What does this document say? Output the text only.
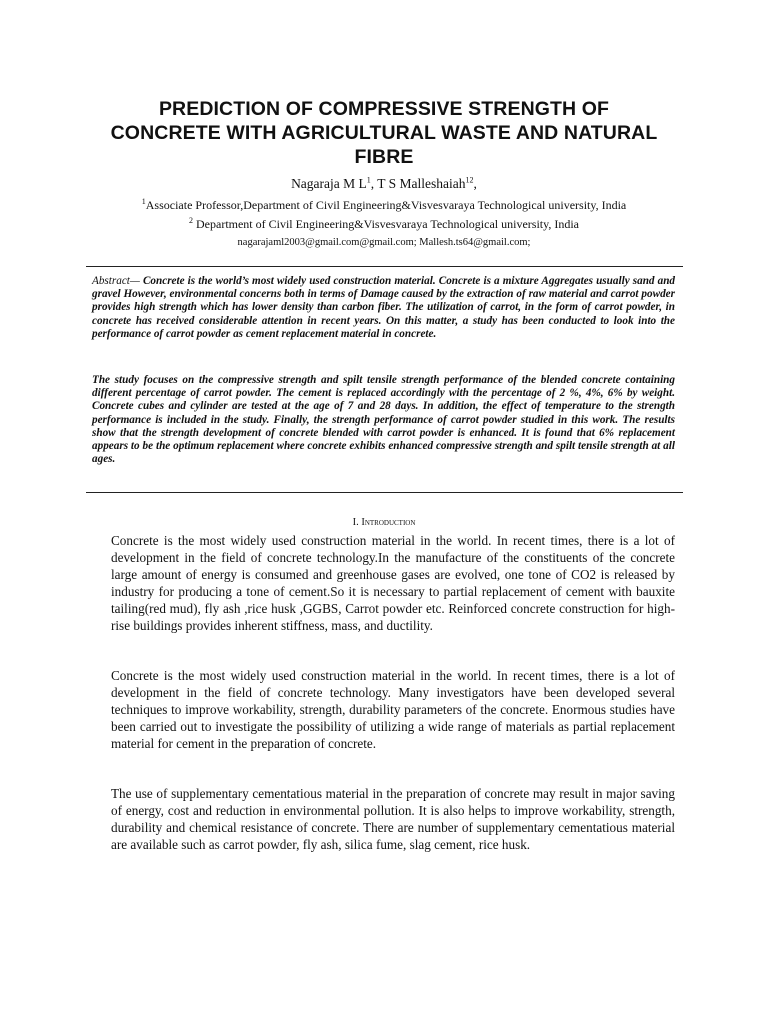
PREDICTION OF COMPRESSIVE STRENGTH OF
CONCRETE WITH AGRICULTURAL WASTE AND NATURAL
FIBRE
Nagaraja M $L^1$, T S Malleshaiah$^{12}$,
$^1$Associate Professor,Department of Civil Engineering&Visvesvaraya Technological university, India
$^2$ Department of Civil Engineering&Visvesvaraya Technological university, India
nagarajaml2003@gmail.com@gmail.com; Mallesh.ts64@gmail.com;

Abstract— Concrete is the world’s most widely used construction material. Concrete is a mixture Aggregates usually sand and gravel However, environmental concerns both in terms of Damage caused by the extraction of raw material and carrot powder provides high strength which has lower density than carbon fiber. The utilization of carrot, in the form of carrot powder, in concrete has received considerable attention in recent years. On this matter, a study has been conducted to look into the performance of carrot powder as cement replacement material in concrete.

The study focuses on the compressive strength and spilt tensile strength performance of the blended concrete containing different percentage of carrot powder. The cement is replaced accordingly with the percentage of 2 %, 4%, 6% by weight. Concrete cubes and cylinder are tested at the age of 7 and 28 days. In addition, the effect of temperature to the strength performance is included in the study. Finally, the strength performance of carrot powder studied in this work. The results show that the strength development of concrete blended with carrot powder is enhanced. It is found that 6% replacement appears to be the optimum replacement where concrete exhibits enhanced compressive strength and spilt tensile strength at all ages.

I. Introduction

Concrete is the most widely used construction material in the world. In recent times, there is a lot of development in the field of concrete technology.In the manufacture of the constituents of the concrete large amount of energy is consumed and greenhouse gases are evolved, one tone of CO2 is released by industry for producing a tone of cement.So it is necessary to partial replacement of cement with bauxite tailing(red mud), fly ash ,rice husk ,GGBS, Carrot powder etc. Reinforced concrete construction for high-rise buildings provides inherent stiffness, mass, and ductility.

Concrete is the most widely used construction material in the world. In recent times, there is a lot of development in the field of concrete technology. Many investigators have been developed several techniques to improve workability, strength, durability parameters of the concrete. Enormous studies have been carried out to investigate the possibility of utilizing a wide range of materials as partial replacement material for cement in the preparation of concrete.

The use of supplementary cementatious material in the preparation of concrete may result in major saving of energy, cost and reduction in environmental pollution. It is also helps to improve workability, strength, durability and chemical resistance of concrete. There are number of supplementary cementatious material are available such as carrot powder, fly ash, silica fume, slag cement, rice husk.
